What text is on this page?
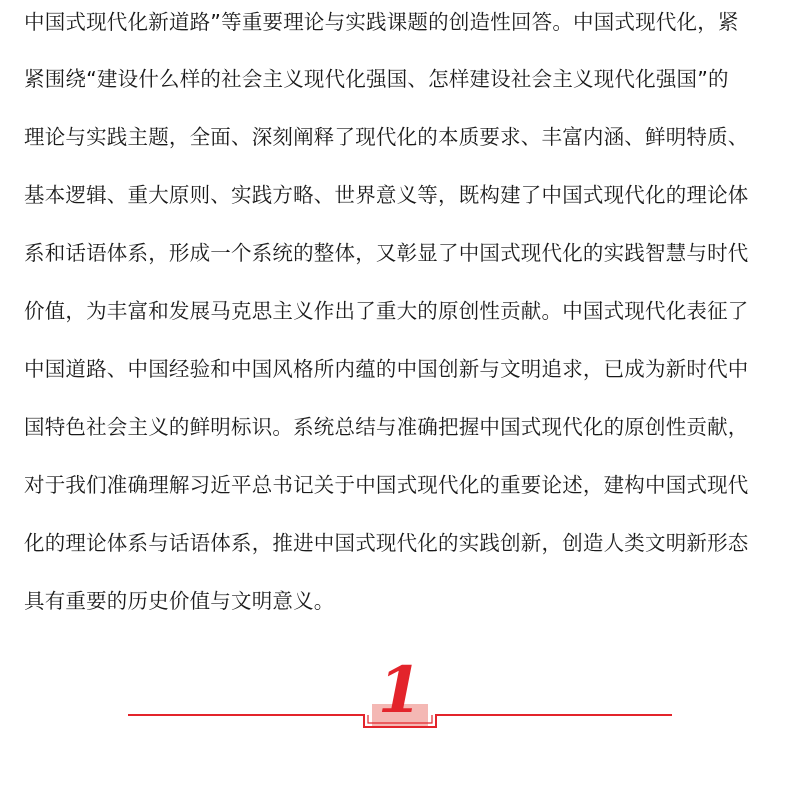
中国式现代化新道路”等重要理论与实践课题的创造性回答。中国式现代化，紧
紧围绕“建设什么样的社会主义现代化强国、怎样建设社会主义现代化强国”的
理论与实践主题，全面、深刻阐释了现代化的本质要求、丰富内涵、鲜明特质、
基本逻辑、重大原则、实践方略、世界意义等，既构建了中国式现代化的理论体
系和话语体系，形成一个系统的整体，又彰显了中国式现代化的实践智慧与时代
价值，为丰富和发展马克思主义作出了重大的原创性贡献。中国式现代化表征了
中国道路、中国经验和中国风格所内蕴的中国创新与文明追求，已成为新时代中
国特色社会主义的鲜明标识。系统总结与准确把握中国式现代化的原创性贡献，
对于我们准确理解习近平总书记关于中国式现代化的重要论述，建构中国式现代
化的理论体系与话语体系，推进中国式现代化的实践创新，创造人类文明新形态
具有重要的历史价值与文明意义。
1
